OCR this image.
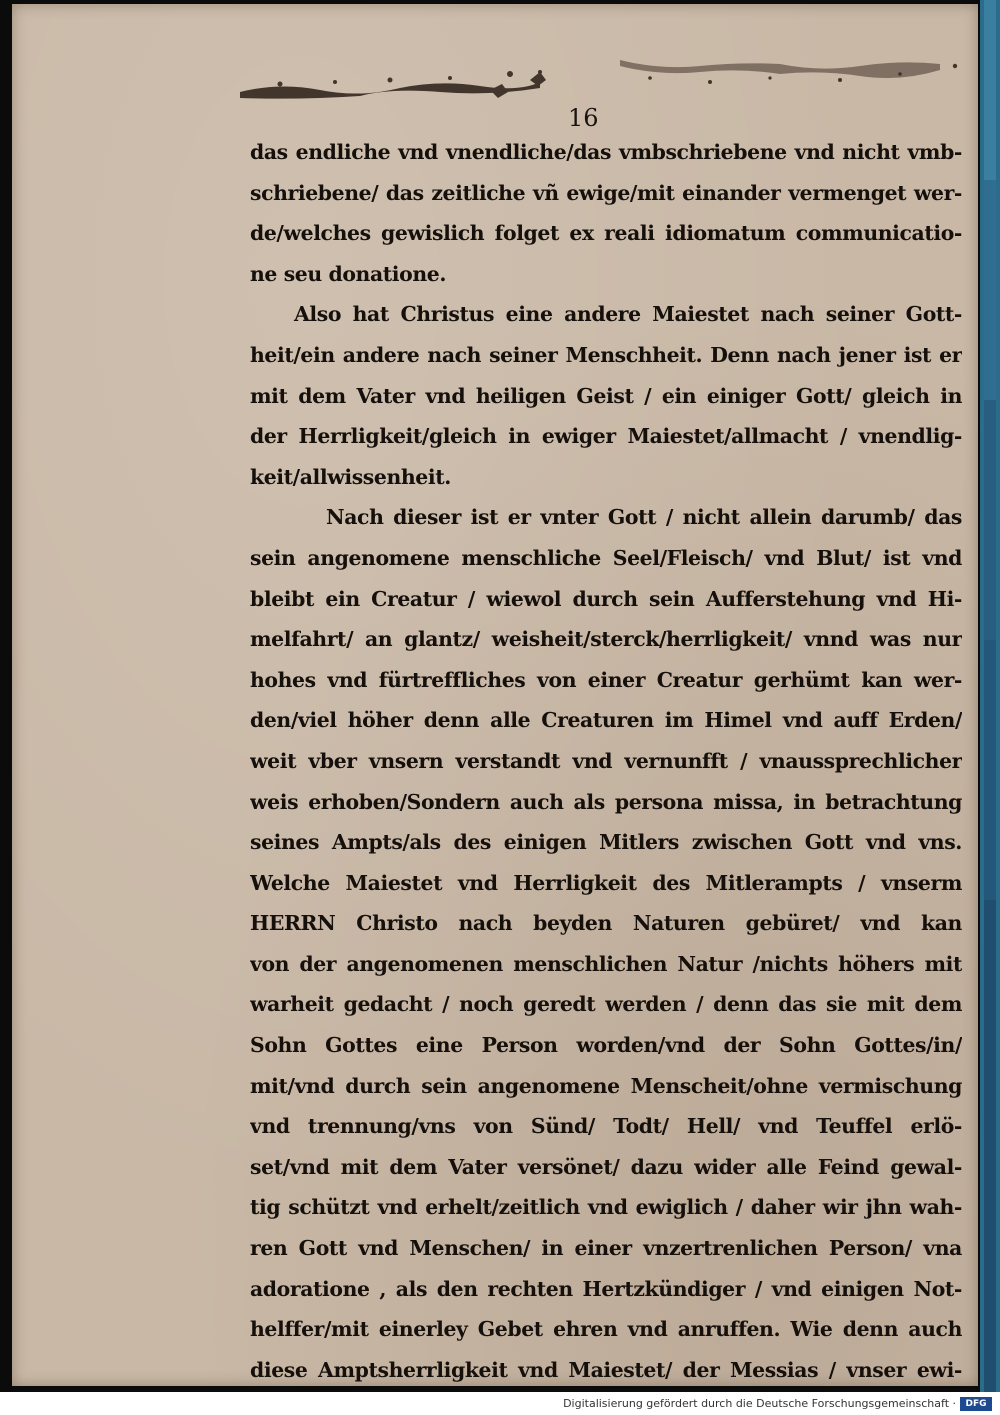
16

das endliche vnd vnendliche/das vmbschriebene vnd nicht vmb-
schriebene/ das zeitliche vñ ewige/mit einander vermenget wer-
de/welches gewislich folget ex reali idiomatum communicatio-
ne seu donatione.
Also hat Christus eine andere Maiestet nach seiner Gott-
heit/ein andere nach seiner Menschheit. Denn nach jener ist er
mit dem Vater vnd heiligen Geist / ein einiger Gott/ gleich in
der Herrligkeit/gleich in ewiger Maiestet/allmacht / vnendlig-
keit/allwissenheit.
Nach dieser ist er vnter Gott / nicht allein darumb/ das
sein angenomene menschliche Seel/Fleisch/ vnd Blut/ ist vnd
bleibt ein Creatur / wiewol durch sein Aufferstehung vnd Hi-
melfahrt/ an glantz/ weisheit/sterck/herrligkeit/ vnnd was nur
hohes vnd fürtreffliches von einer Creatur gerhümt kan wer-
den/viel höher denn alle Creaturen im Himel vnd auff Erden/
weit vber vnsern verstandt vnd vernunfft / vnaussprechlicher
weis erhoben/Sondern auch als persona missa, in betrachtung
seines Ampts/als des einigen Mitlers zwischen Gott vnd vns.
Welche Maiestet vnd Herrligkeit des Mitlerampts / vnserm
HERRN Christo nach beyden Naturen gebüret/ vnd kan
von der angenomenen menschlichen Natur /nichts höhers mit
warheit gedacht / noch geredt werden / denn das sie mit dem
Sohn Gottes eine Person worden/vnd der Sohn Gottes/in/
mit/vnd durch sein angenomene Menscheit/ohne vermischung
vnd trennung/vns von Sünd/ Todt/ Hell/ vnd Teuffel erlö-
set/vnd mit dem Vater versönet/ dazu wider alle Feind gewal-
tig schützt vnd erhelt/zeitlich vnd ewiglich / daher wir jhn wah-
ren Gott vnd Menschen/ in einer vnzertrenlichen Person/ vna
adoratione , als den rechten Hertzkündiger / vnd einigen Not-
helffer/mit einerley Gebet ehren vnd anruffen. Wie denn auch
diese Amptsherrligkeit vnd Maiestet/ der Messias / vnser ewi-

Digitalisierung gefördert durch die Deutsche Forschungsgemeinschaft ·	DFG
